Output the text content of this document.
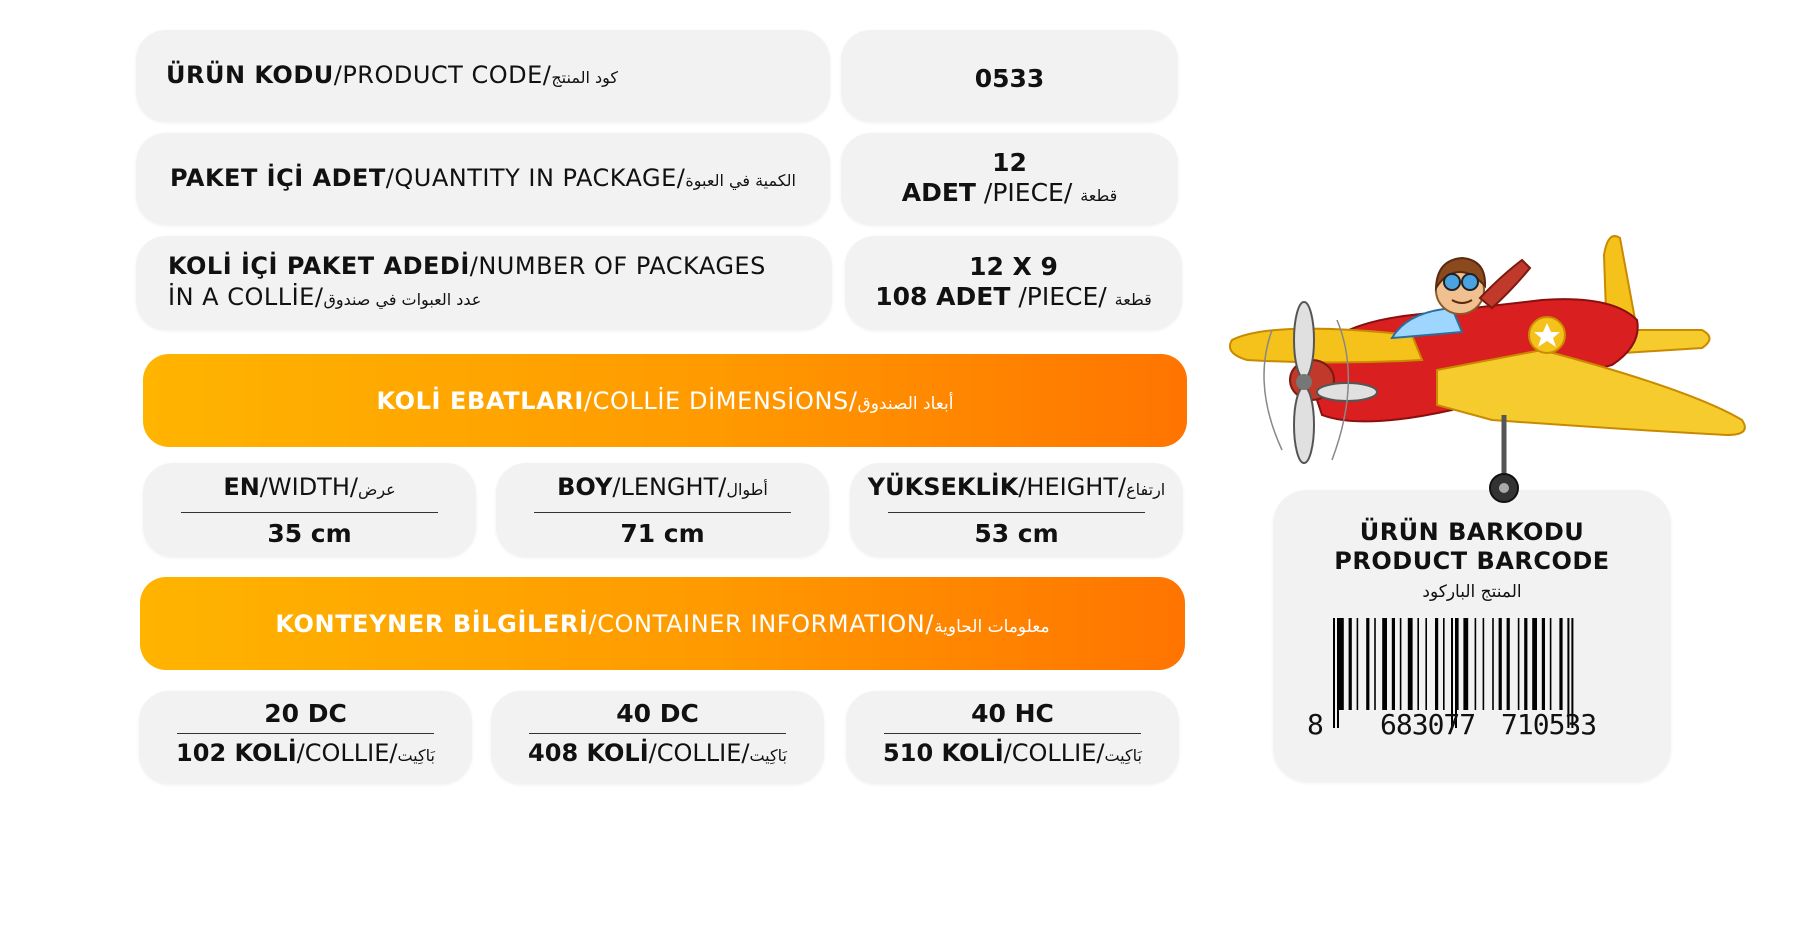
ÜRÜN KODU/PRODUCT CODE/كود المنتج	0533
PAKET İÇİ ADET/QUANTITY IN PACKAGE/الكمية في العبوة
12
ADET /PIECE/ قطعة
KOLİ İÇİ PAKET ADEDİ/NUMBER OF PACKAGES
İN A COLLİE/عدد العبوات في صندوق
12 X 9
108 ADET /PIECE/ قطعة
KOLİ EBATLARI/COLLİE DİMENSİONS/أبعاد الصندوق
EN/WIDTH/عرض
35 cm
BOY/LENGHT/أطوال
71 cm
YÜKSEKLİK/HEIGHT/ارتفاع
53 cm
KONTEYNER BİLGİLERİ/CONTAINER INFORMATION/معلومات الحاوية
20 DC
102 KOLİ/COLLIE/بَاكِيت
40 DC
408 KOLİ/COLLIE/بَاكِيت
40 HC
510 KOLİ/COLLIE/بَاكِيت
ÜRÜN BARKODU
PRODUCT BARCODE
المنتج الباركود
8 683077 710533
